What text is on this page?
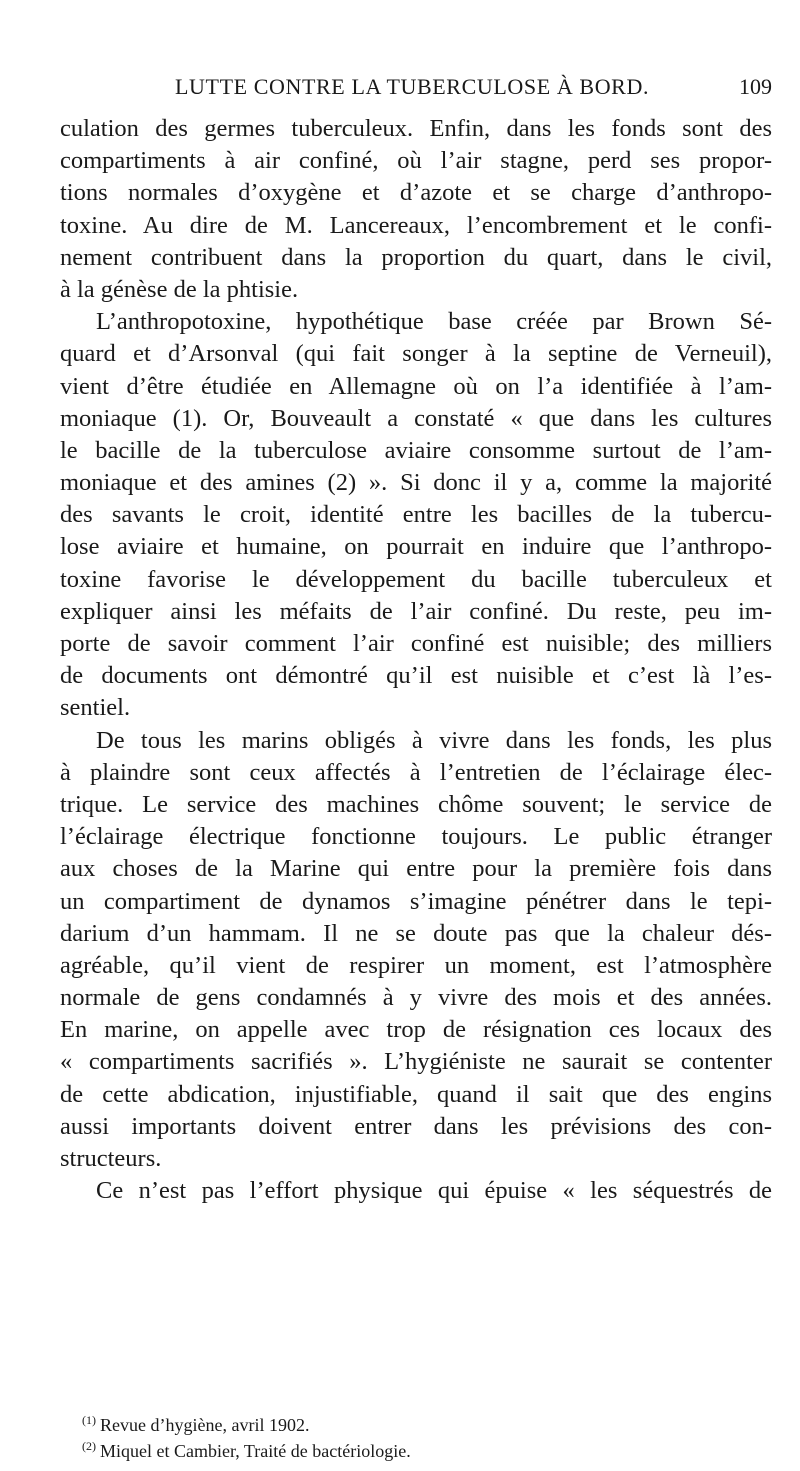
LUTTE CONTRE LA TUBERCULOSE À BORD.	109
culation des germes tuberculeux. Enfin, dans les fonds sont des
compartiments à air confiné, où l’air stagne, perd ses propor-
tions normales d’oxygène et d’azote et se charge d’anthropo-
toxine. Au dire de M. Lancereaux, l’encombrement et le confi-
nement contribuent dans la proportion du quart, dans le civil,
à la génèse de la phtisie.
L’anthropotoxine, hypothétique base créée par Brown Sé-
quard et d’Arsonval (qui fait songer à la septine de Verneuil),
vient d’être étudiée en Allemagne où on l’a identifiée à l’am-
moniaque (1). Or, Bouveault a constaté « que dans les cultures
le bacille de la tuberculose aviaire consomme surtout de l’am-
moniaque et des amines (2) ». Si donc il y a, comme la majorité
des savants le croit, identité entre les bacilles de la tubercu-
lose aviaire et humaine, on pourrait en induire que l’anthropo-
toxine favorise le développement du bacille tuberculeux et
expliquer ainsi les méfaits de l’air confiné. Du reste, peu im-
porte de savoir comment l’air confiné est nuisible; des milliers
de documents ont démontré qu’il est nuisible et c’est là l’es-
sentiel.
De tous les marins obligés à vivre dans les fonds, les plus
à plaindre sont ceux affectés à l’entretien de l’éclairage élec-
trique. Le service des machines chôme souvent; le service de
l’éclairage électrique fonctionne toujours. Le public étranger
aux choses de la Marine qui entre pour la première fois dans
un compartiment de dynamos s’imagine pénétrer dans le tepi-
darium d’un hammam. Il ne se doute pas que la chaleur dés-
agréable, qu’il vient de respirer un moment, est l’atmosphère
normale de gens condamnés à y vivre des mois et des années.
En marine, on appelle avec trop de résignation ces locaux des
« compartiments sacrifiés ». L’hygiéniste ne saurait se contenter
de cette abdication, injustifiable, quand il sait que des engins
aussi importants doivent entrer dans les prévisions des con-
structeurs.
Ce n’est pas l’effort physique qui épuise « les séquestrés de
$^{(1)}$ Revue d’hygiène, avril 1902.
$^{(2)}$ Miquel et Cambier, Traité de bactériologie.
